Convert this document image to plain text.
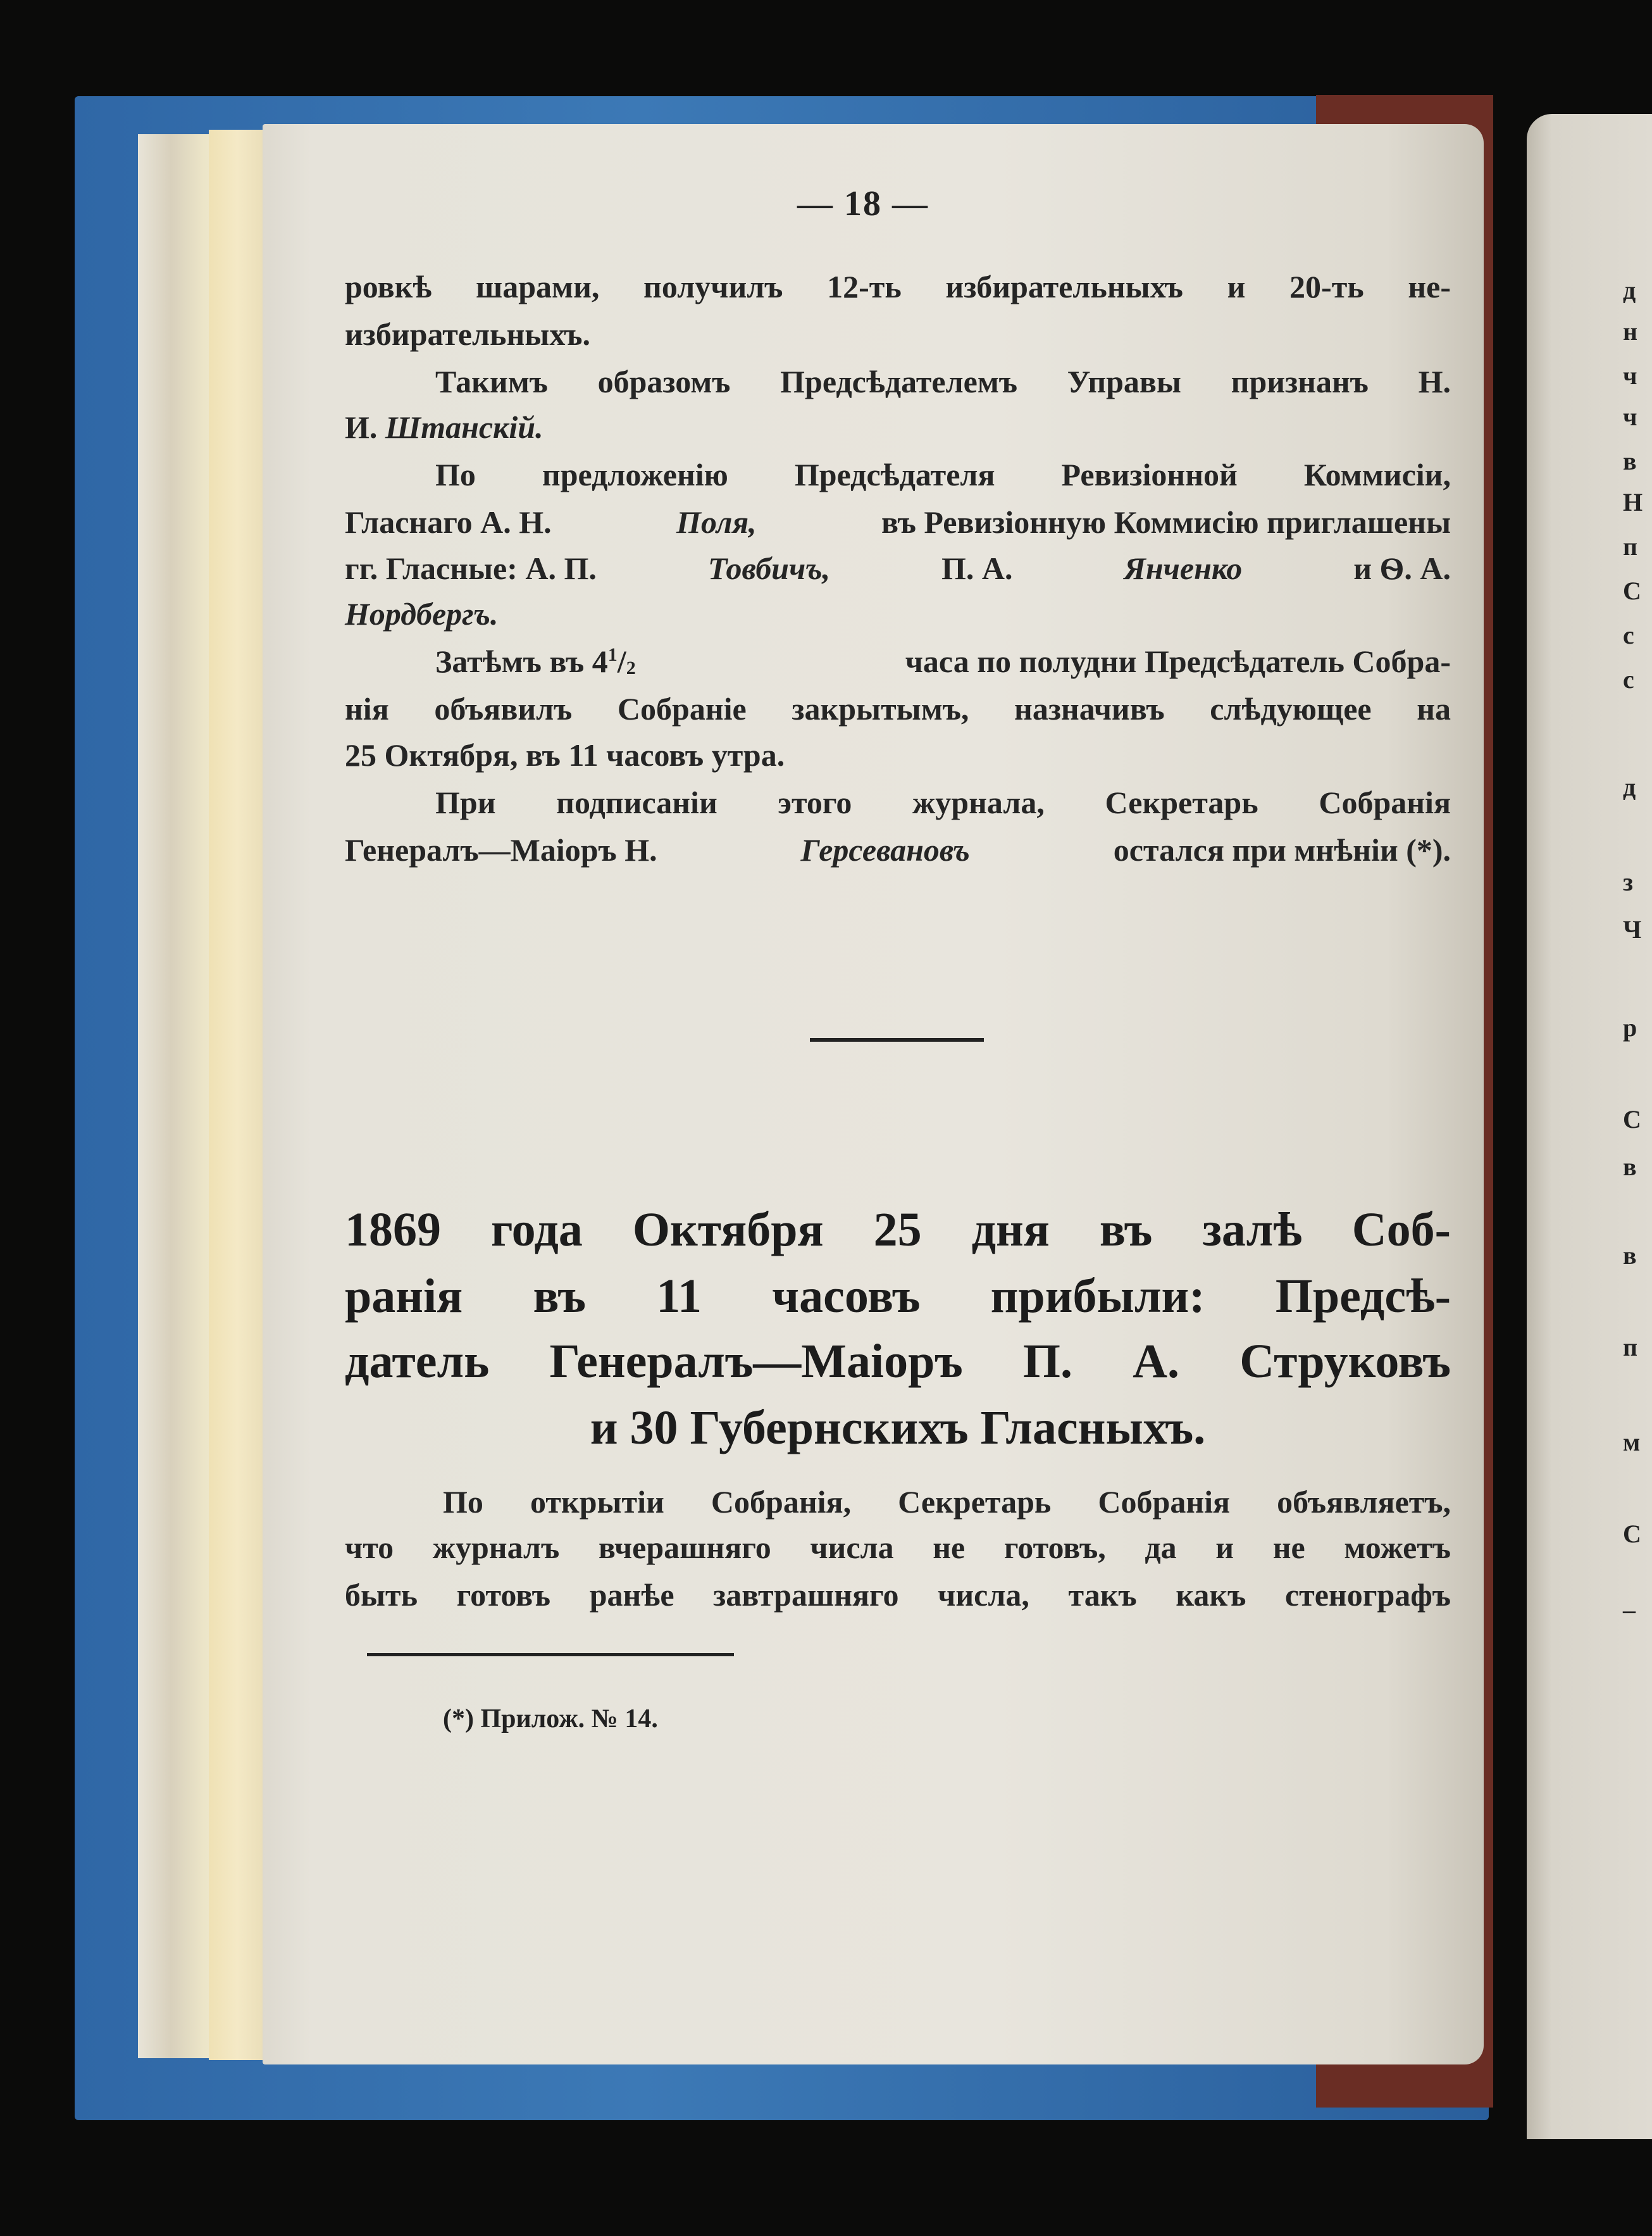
д
н
ч
ч
в
Н
п
С
с
с
д
з
Ч
р
С
в
в
п
м
С
–
— 18 —
ровкѣ шарами, получилъ 12-ть избирательныхъ и 20-ть не-
избирательныхъ.
Такимъ образомъ Предсѣдателемъ Управы признанъ Н.
И. Штанскій.
По предложенію Предсѣдателя Ревизіонной Коммисіи,
Гласнаго А. Н.	Поля,	въ Ревизіонную Коммисію приглашены
гг. Гласные: А. П.	Товбичъ,	П. А.	Янченко	и Ѳ. А.
Нордбергъ.
Затѣмъ въ $4^1/_2$	часа по полудни Предсѣдатель Собра-
нія объявилъ Собраніе закрытымъ, назначивъ слѣдующее на
25 Октября, въ 11 часовъ утра.
При подписаніи этого журнала, Секретарь Собранія
Генералъ—Маіоръ Н.	Герсевановъ	остался при мнѣніи (*).
1869 года Октября 25 дня въ залѣ Соб-
ранія въ 11 часовъ прибыли: Предсѣ-
датель Генералъ—Маіоръ П. А. Струковъ
и 30 Губернскихъ Гласныхъ.
По открытіи Собранія, Секретарь Собранія объявляетъ,
что журналъ вчерашняго числа не готовъ, да и не можетъ
быть готовъ ранѣе завтрашняго числа, такъ какъ стенографъ
(*) Прилож. № 14.
